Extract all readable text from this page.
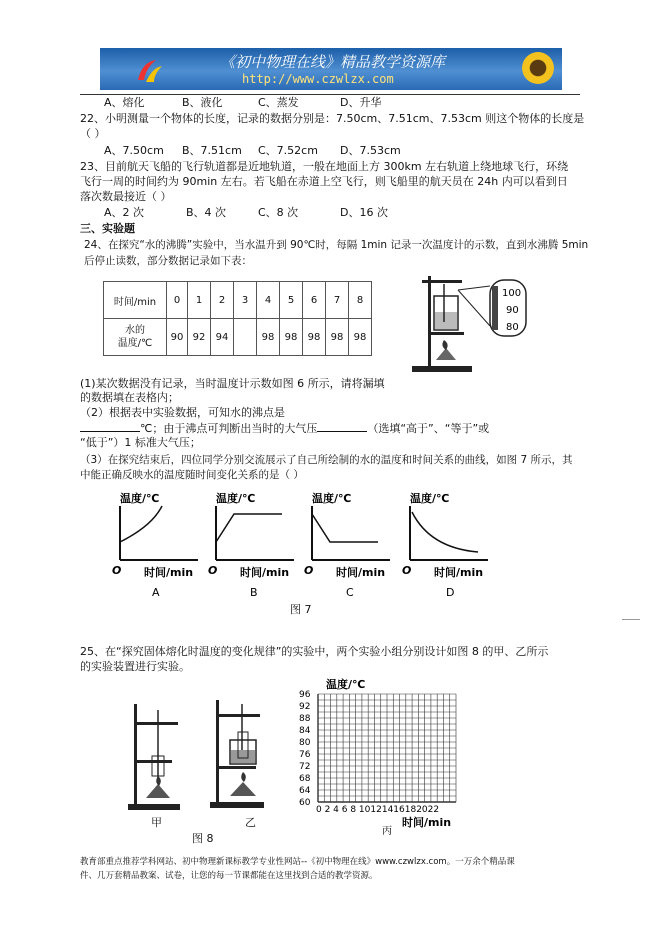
《初中物理在线》精品教学资源库
http://www.czwlzx.com
A、熔化	B、液化	C、蒸发	D、升华
22、小明测量一个物体的长度，记录的数据分别是：7.50cm、7.51cm、7.53cm 则这个物体的长度是
（ ）
A、7.50cm B、7.51cm C、7.52cm D、7.53cm
23、目前航天飞船的飞行轨道都是近地轨道，一般在地面上方 300km 左右轨道上绕地球飞行，环绕
飞行一周的时间约为 90min 左右。若飞船在赤道上空飞行，则飞船里的航天员在 24h 内可以看到日
落次数最接近（ ）
A、2 次	B、4 次	C、8 次	D、16 次
三、实验题
24、在探究“水的沸腾”实验中，当水温升到 90℃时，每隔 1min 记录一次温度计的示数，直到水沸腾 5min
后停止读数，部分数据记录如下表：
时间/min	0	1	2	3	4	5	6	7	8
水的
温度/℃	90	92	94		98	98	98	98	98
100
90
80
(1)某次数据没有记录，当时温度计示数如图 6 所示，请将漏填
的数据填在表格内；
（2）根据表中实验数据，可知水的沸点是
℃；由于沸点可判断出当时的大气压	（选填“高于”、“等于”或
“低于”）1 标准大气压；
（3）在探究结束后，四位同学分别交流展示了自己所绘制的水的温度和时间关系的曲线，如图 7 所示，其
中能正确反映水的温度随时间变化关系的是（ ）
温度/℃
O 时间/min
A
温度/℃
O 时间/min
B
温度/℃
O 时间/min
C
温度/℃
O 时间/min
D
图 7
25、在“探究固体熔化时温度的变化规律”的实验中，两个实验小组分别设计如图 8 的甲、乙所示
的实验装置进行实验。
甲	乙
图 8
温度/℃
96
92
88
84
80
76
72
68
64
60
0 2 4 6 8 10121416182022
时间/min
丙
教育部重点推荐学科网站、初中物理新课标教学专业性网站--《初中物理在线》www.czwlzx.com。一万余个精品课
件、几万套精品教案、试卷，让您的每一节课都能在这里找到合适的教学资源。
